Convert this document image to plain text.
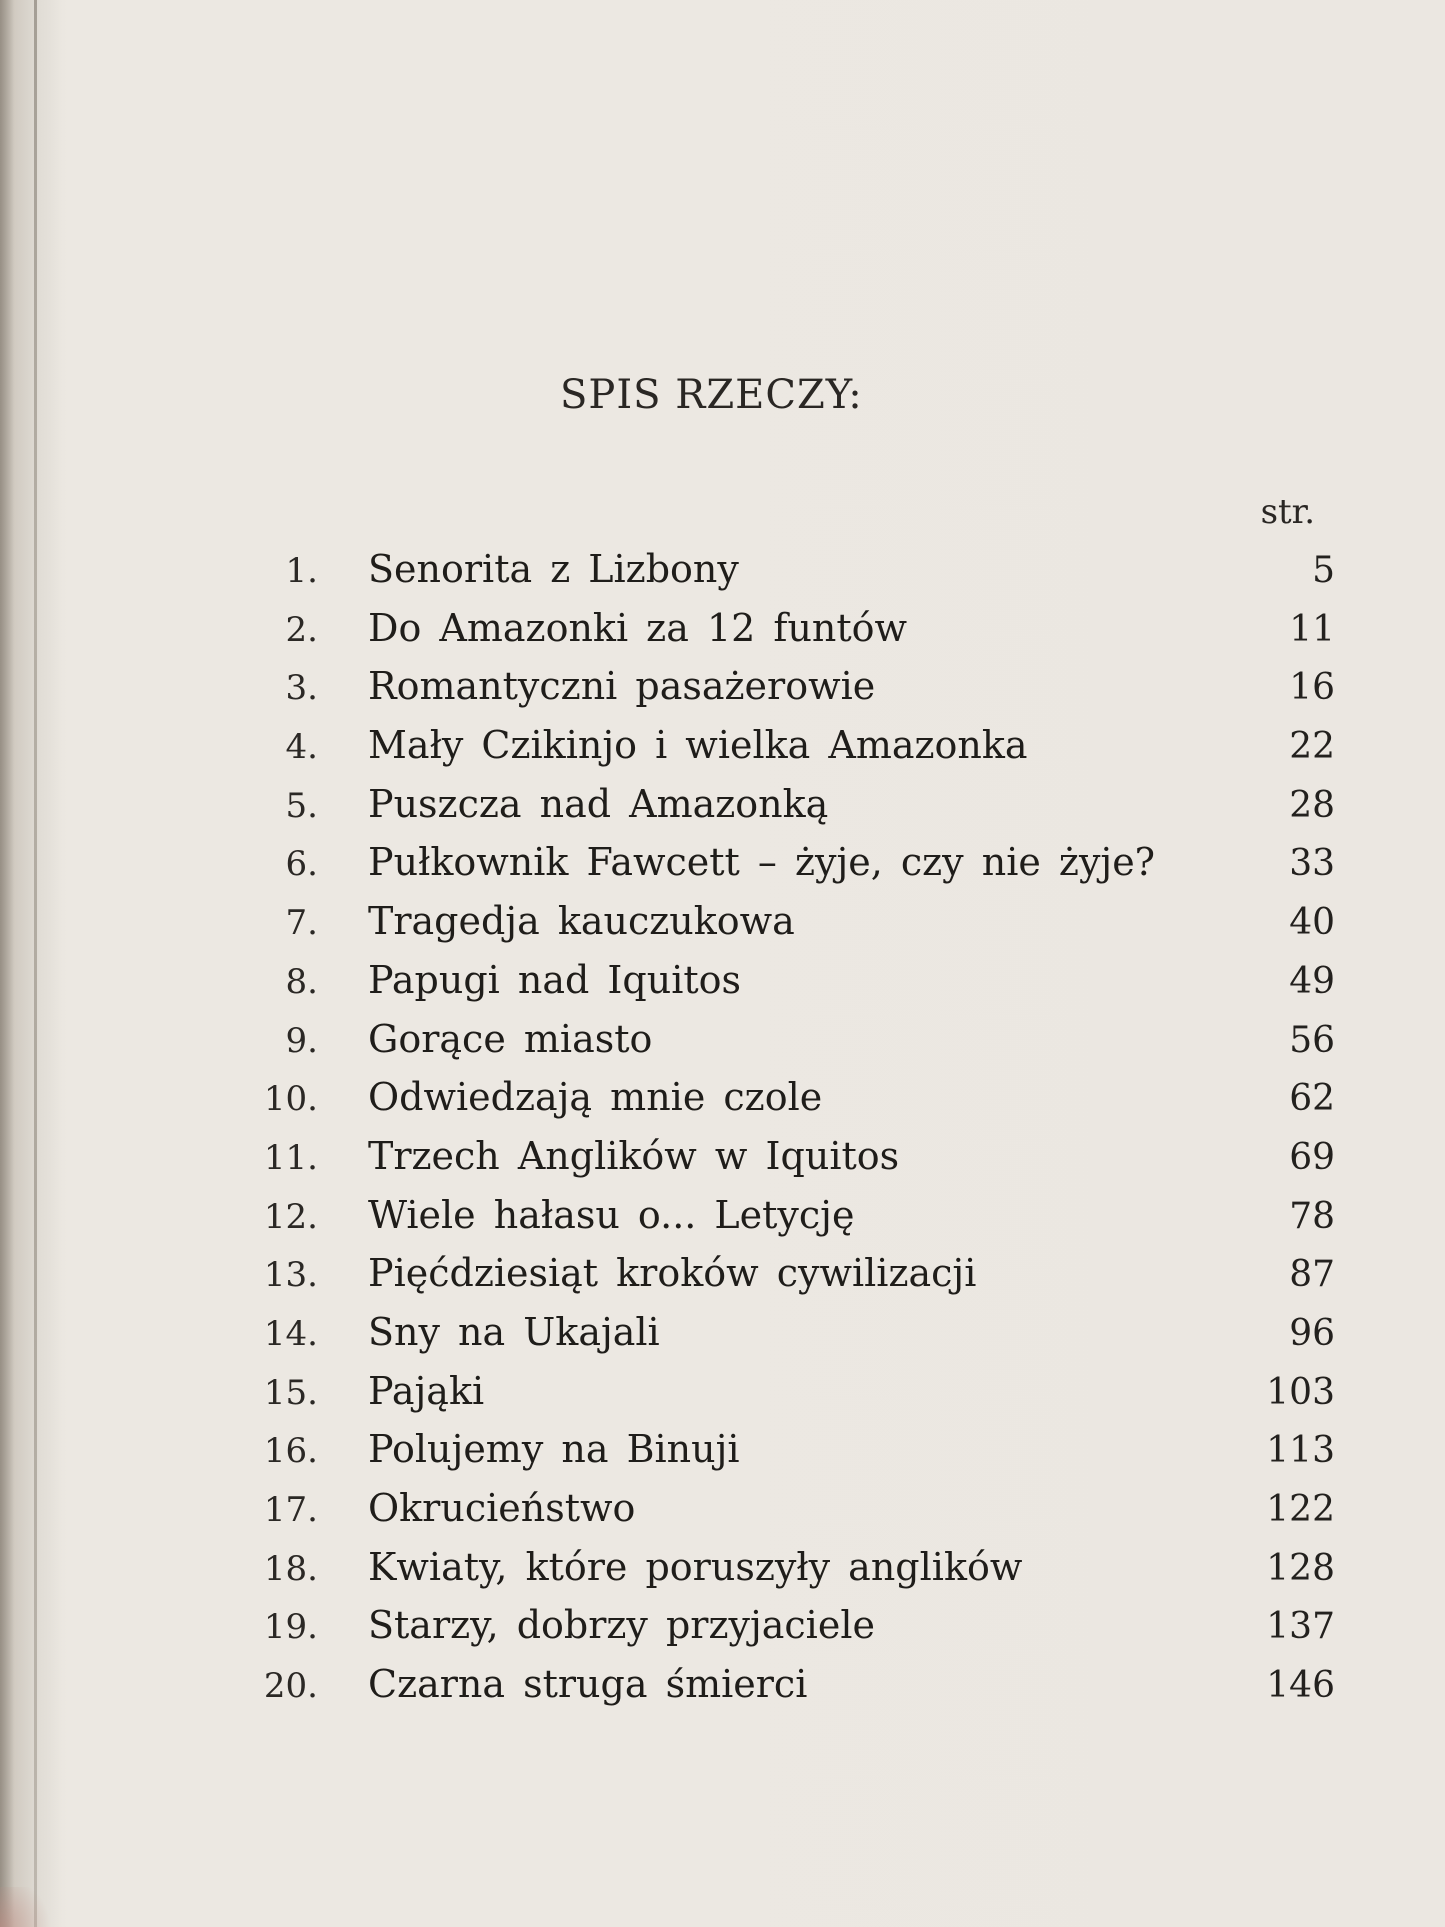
SPIS RZECZY:
str.
1. Senorita z Lizbony	5
2. Do Amazonki za 12 funtów	11
3. Romantyczni pasażerowie	16
4. Mały Czikinjo i wielka Amazonka	22
5. Puszcza nad Amazonką	28
6. Pułkownik Fawcett – żyje, czy nie żyje?	33
7. Tragedja kauczukowa	40
8. Papugi nad Iquitos	49
9. Gorące miasto	56
10. Odwiedzają mnie czole	62
11. Trzech Anglików w Iquitos	69
12. Wiele hałasu o... Letycję	78
13. Pięćdziesiąt kroków cywilizacji	87
14. Sny na Ukajali	96
15. Pająki	103
16. Polujemy na Binuji	113
17. Okrucieństwo	122
18. Kwiaty, które poruszyły anglików	128
19. Starzy, dobrzy przyjaciele	137
20. Czarna struga śmierci	146
